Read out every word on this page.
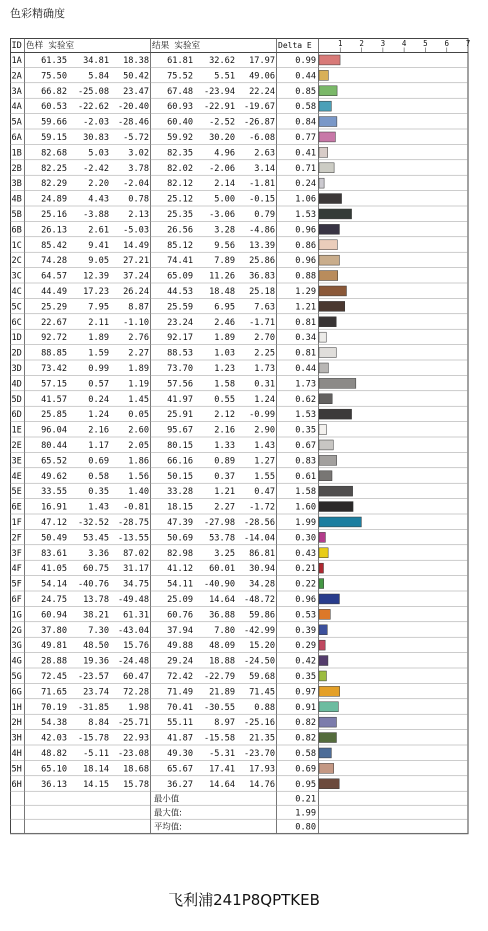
色彩精确度
ID 色样 实验室	结果 实验室	Delta E	1 2 3 4 5 6 7
1A 61.35 34.81 18.38 61.81 32.62 17.97 0.99
2A 75.50 5.84 50.42 75.52 5.51 49.06 0.44
3A 66.82 -25.08 23.47 67.48 -23.94 22.24 0.85
4A 60.53 -22.62 -20.40 60.93 -22.91 -19.67 0.58
5A 59.66 -2.03 -28.46 60.40 -2.52 -26.87 0.84
6A 59.15 30.83 -5.72 59.92 30.20 -6.08 0.77
1B 82.68 5.03 3.02 82.35 4.96 2.63 0.41
2B 82.25 -2.42 3.78 82.02 -2.06 3.14 0.71
3B 82.29 2.20 -2.04 82.12 2.14 -1.81 0.24
4B 24.89 4.43 0.78 25.12 5.00 -0.15 1.06
5B 25.16 -3.88 2.13 25.35 -3.06 0.79 1.53
6B 26.13 2.61 -5.03 26.56 3.28 -4.86 0.96
1C 85.42 9.41 14.49 85.12 9.56 13.39 0.86
2C 74.28 9.05 27.21 74.41 7.89 25.86 0.96
3C 64.57 12.39 37.24 65.09 11.26 36.83 0.88
4C 44.49 17.23 26.24 44.53 18.48 25.18 1.29
5C 25.29 7.95 8.87 25.59 6.95 7.63 1.21
6C 22.67 2.11 -1.10 23.24 2.46 -1.71 0.81
1D 92.72 1.89 2.76 92.17 1.89 2.70 0.34
2D 88.85 1.59 2.27 88.53 1.03 2.25 0.81
3D 73.42 0.99 1.89 73.70 1.23 1.73 0.44
4D 57.15 0.57 1.19 57.56 1.58 0.31 1.73
5D 41.57 0.24 1.45 41.97 0.55 1.24 0.62
6D 25.85 1.24 0.05 25.91 2.12 -0.99 1.53
1E 96.04 2.16 2.60 95.67 2.16 2.90 0.35
2E 80.44 1.17 2.05 80.15 1.33 1.43 0.67
3E 65.52 0.69 1.86 66.16 0.89 1.27 0.83
4E 49.62 0.58 1.56 50.15 0.37 1.55 0.61
5E 33.55 0.35 1.40 33.28 1.21 0.47 1.58
6E 16.91 1.43 -0.81 18.15 2.27 -1.72 1.60
1F 47.12 -32.52 -28.75 47.39 -27.98 -28.56 1.99
2F 50.49 53.45 -13.55 50.69 53.78 -14.04 0.30
3F 83.61 3.36 87.02 82.98 3.25 86.81 0.43
4F 41.05 60.75 31.17 41.12 60.01 30.94 0.21
5F 54.14 -40.76 34.75 54.11 -40.90 34.28 0.22
6F 24.75 13.78 -49.48 25.09 14.64 -48.72 0.96
1G 60.94 38.21 61.31 60.76 36.88 59.86 0.53
2G 37.80 7.30 -43.04 37.94 7.80 -42.99 0.39
3G 49.81 48.50 15.76 49.88 48.09 15.20 0.29
4G 28.88 19.36 -24.48 29.24 18.88 -24.50 0.42
5G 72.45 -23.57 60.47 72.42 -22.79 59.68 0.35
6G 71.65 23.74 72.28 71.49 21.89 71.45 0.97
1H 70.19 -31.85 1.98 70.41 -30.55 0.88 0.91
2H 54.38 8.84 -25.71 55.11 8.97 -25.16 0.82
3H 42.03 -15.78 22.93 41.87 -15.58 21.35 0.82
4H 48.82 -5.11 -23.08 49.30 -5.31 -23.70 0.58
5H 65.10 18.14 18.68 65.67 17.41 17.93 0.69
6H 36.13 14.15 15.78 36.27 14.64 14.76 0.95
最小值	0.21
最大值:	1.99
平均值:	0.80
飞利浦241P8QPTKEB
